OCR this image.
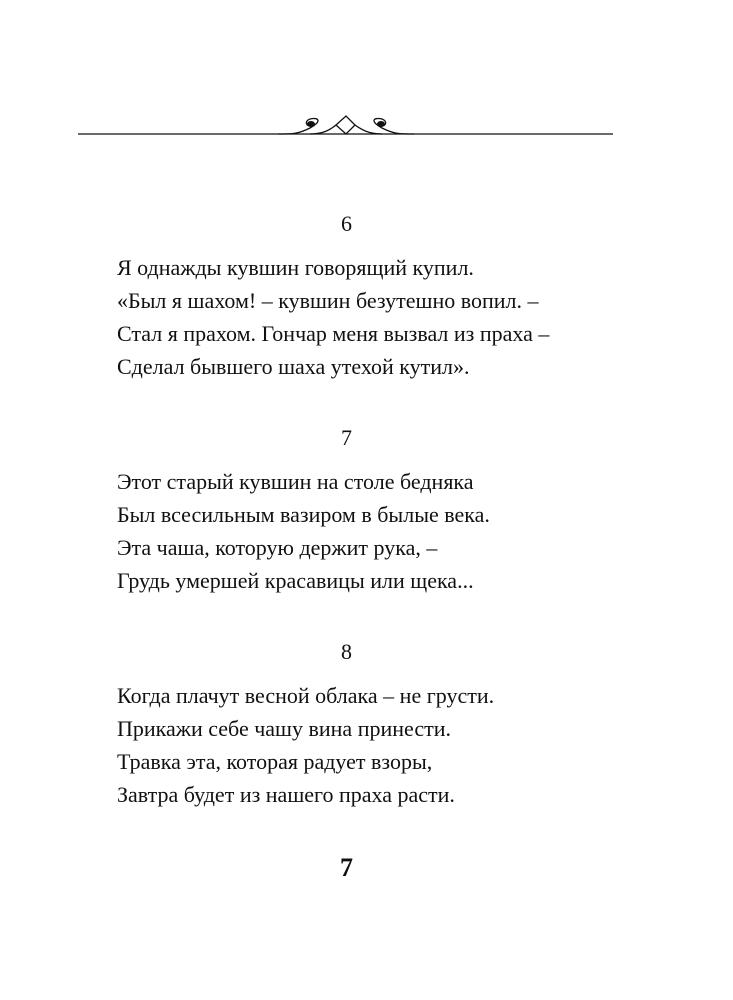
6
Я однажды кувшин говорящий купил.
«Был я шахом! – кувшин безутешно вопил. –
Стал я прахом. Гончар меня вызвал из праха –
Сделал бывшего шаха утехой кутил».
7
Этот старый кувшин на столе бедняка
Был всесильным вазиром в былые века.
Эта чаша, которую держит рука, –
Грудь умершей красавицы или щека...
8
Когда плачут весной облака – не грусти.
Прикажи себе чашу вина принести.
Травка эта, которая радует взоры,
Завтра будет из нашего праха расти.
7
